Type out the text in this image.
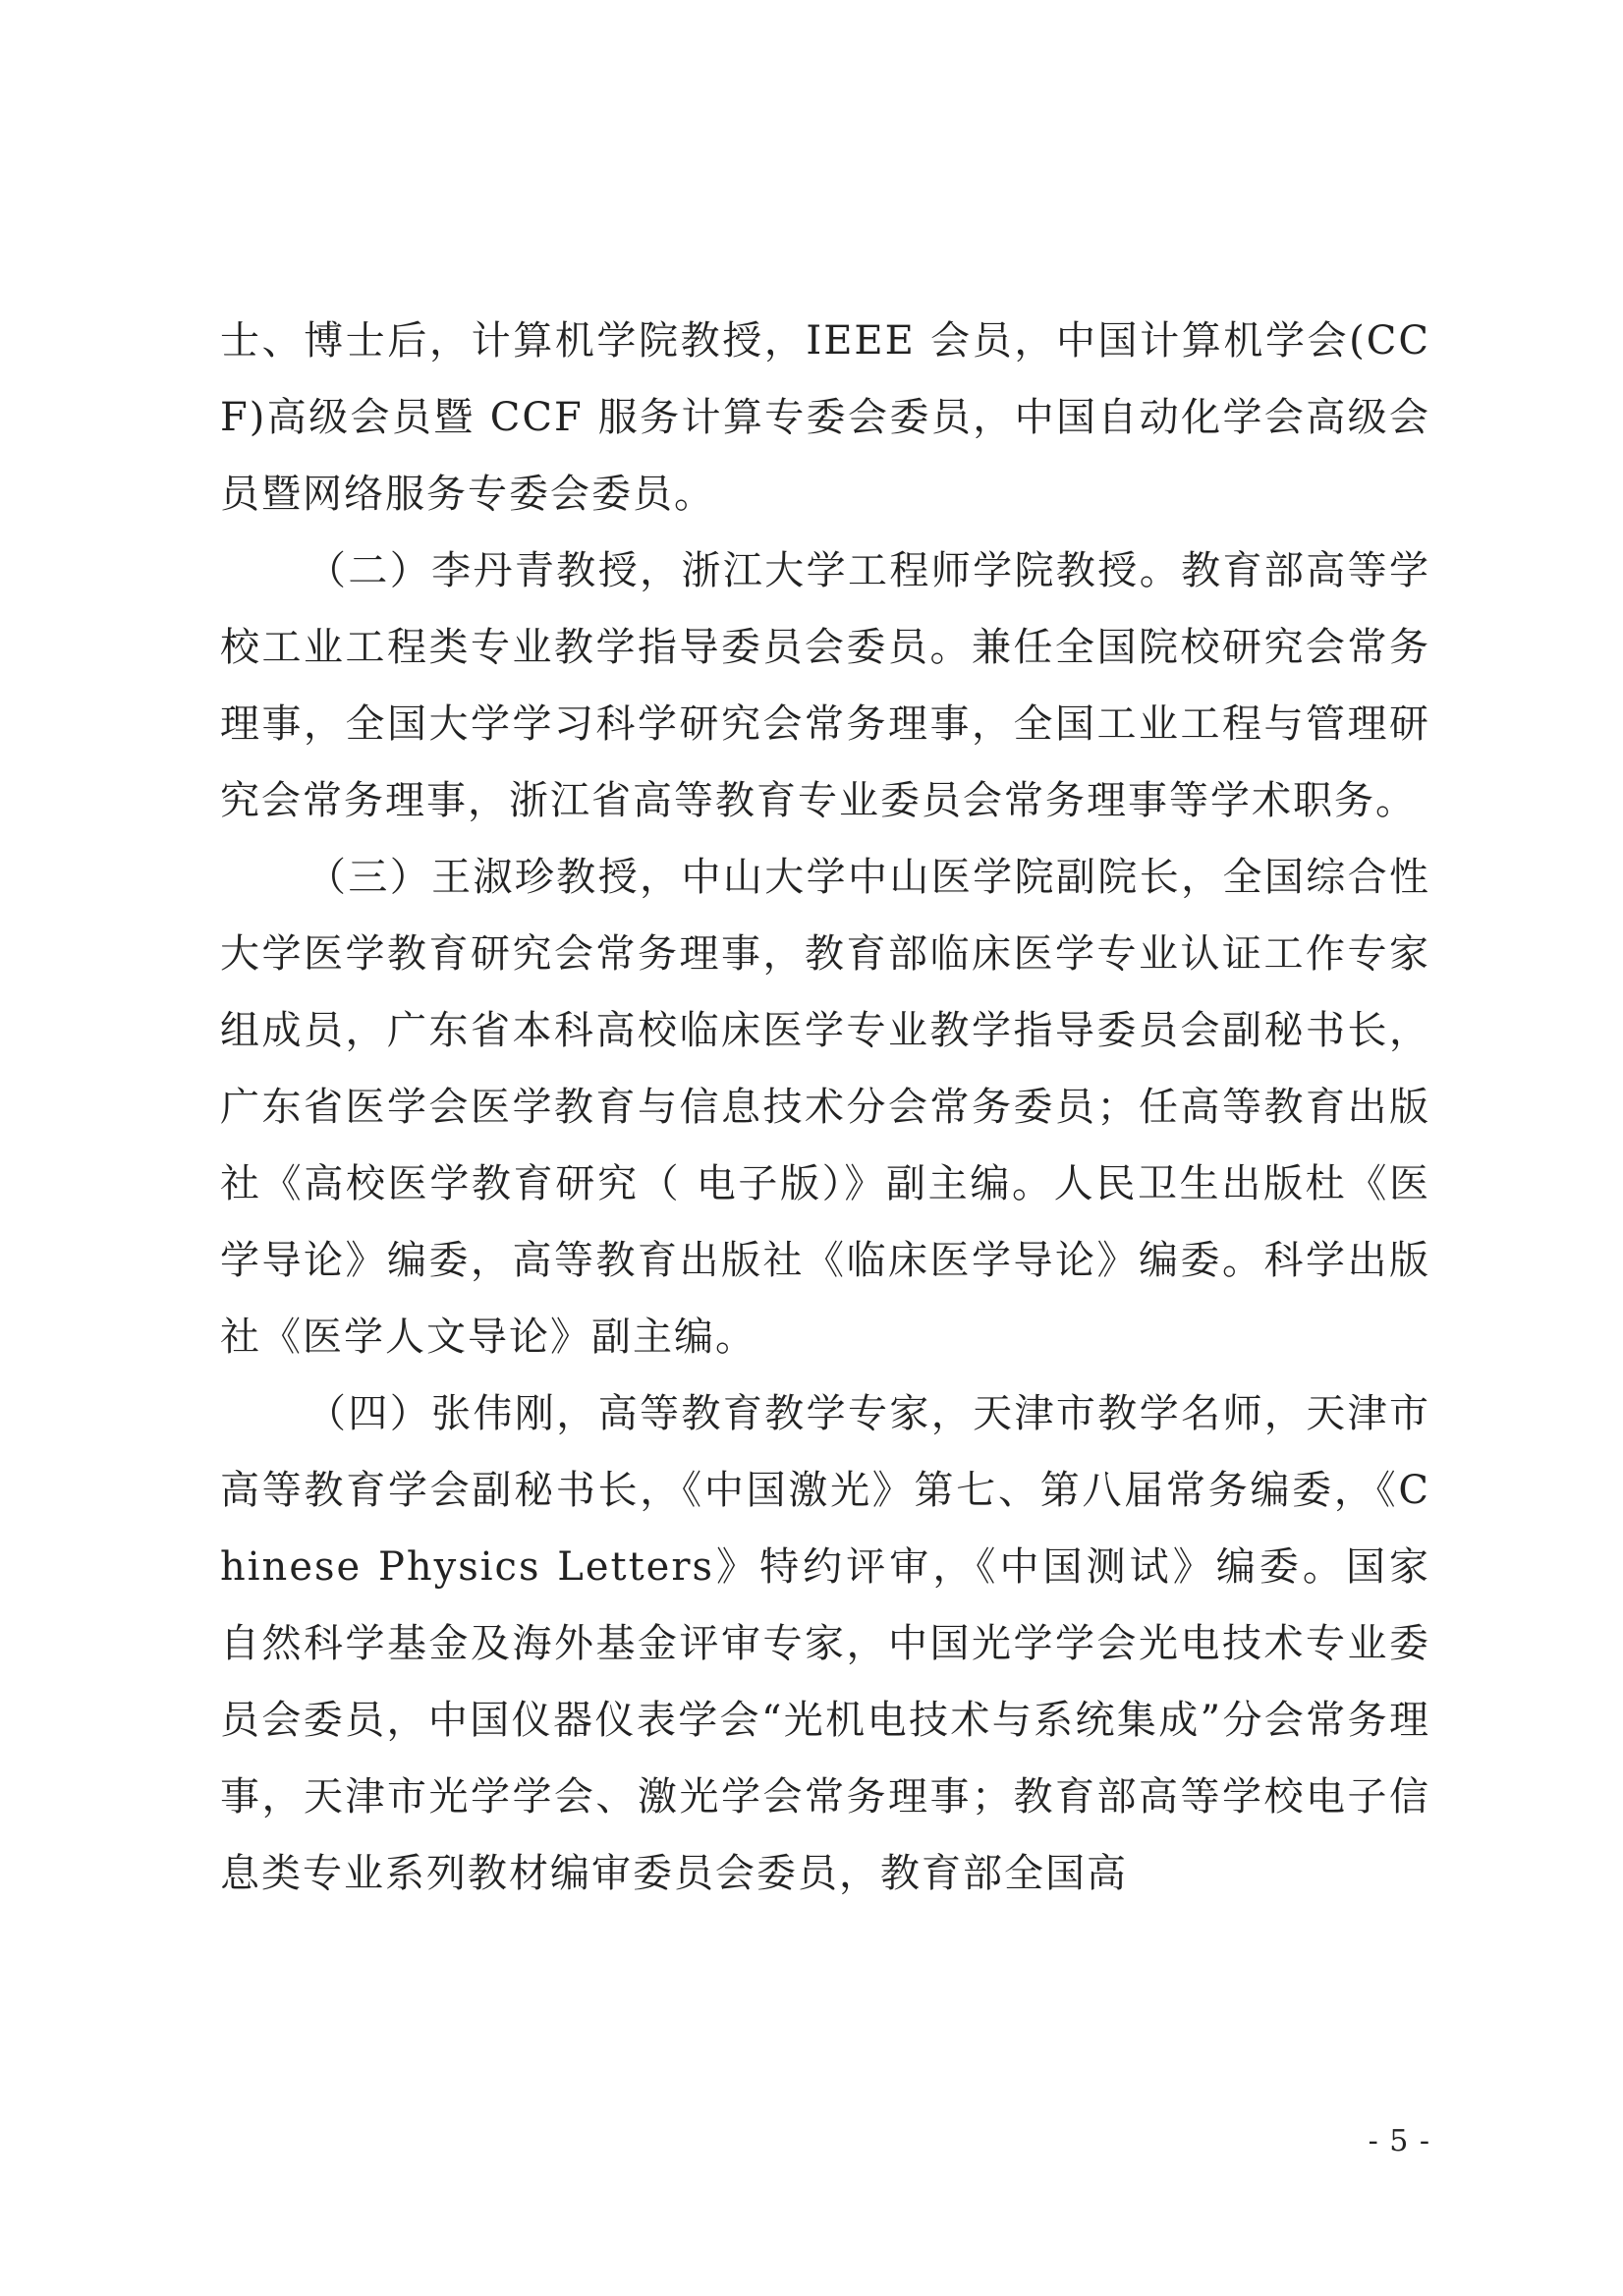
士、博士后，计算机学院教授，IEEE 会员，中国计算机学会(CCF)高级会员暨 CCF 服务计算专委会委员，中国自动化学会高级会员暨网络服务专委会委员。

（二）李丹青教授，浙江大学工程师学院教授。教育部高等学校工业工程类专业教学指导委员会委员。兼任全国院校研究会常务理事，全国大学学习科学研究会常务理事，全国工业工程与管理研究会常务理事，浙江省高等教育专业委员会常务理事等学术职务。

（三）王淑珍教授，中山大学中山医学院副院长，全国综合性大学医学教育研究会常务理事，教育部临床医学专业认证工作专家组成员，广东省本科高校临床医学专业教学指导委员会副秘书长，广东省医学会医学教育与信息技术分会常务委员；任高等教育出版社《高校医学教育研究（ 电子版）》副主编。人民卫生出版杜《医学导论》编委，高等教育出版社《临床医学导论》编委。科学出版社《医学人文导论》副主编。

（四）张伟刚，高等教育教学专家，天津市教学名师，天津市高等教育学会副秘书长，《中国激光》第七、第八届常务编委，《Chinese Physics Letters》特约评审，《中国测试》编委。国家自然科学基金及海外基金评审专家，中国光学学会光电技术专业委员会委员，中国仪器仪表学会“光机电技术与系统集成”分会常务理事，天津市光学学会、激光学会常务理事；教育部高等学校电子信息类专业系列教材编审委员会委员，教育部全国高

- 5 -
